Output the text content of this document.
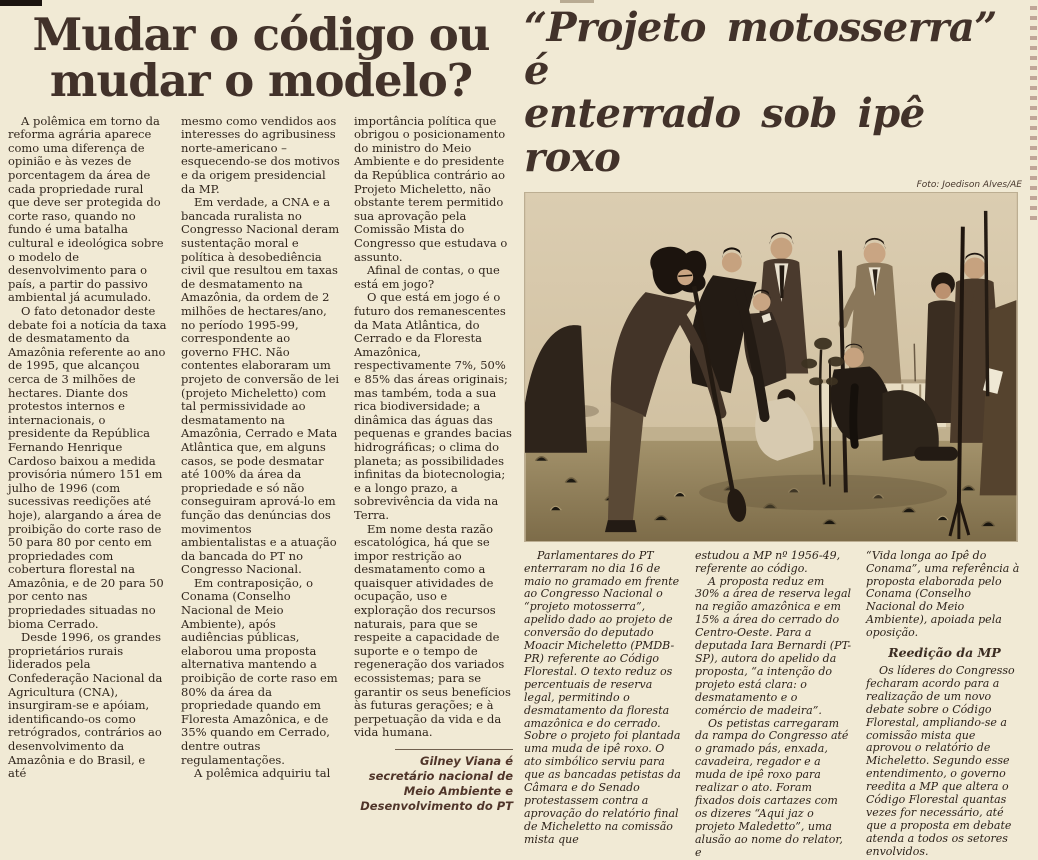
Mudar o código ou
mudar o modelo?

A polêmica em torno da reforma agrária aparece como uma diferença de opinião e às vezes de porcentagem da área de cada propriedade rural que deve ser protegida do corte raso, quando no fundo é uma batalha cultural e ideológica sobre o modelo de desenvolvimento para o país, a partir do passivo ambiental já acumulado.

O fato detonador deste debate foi a notícia da taxa de desmatamento da Amazônia referente ao ano de 1995, que alcançou cerca de 3 milhões de hectares. Diante dos protestos internos e internacionais, o presidente da República Fernando Henrique Cardoso baixou a medida provisória número 151 em julho de 1996 (com sucessivas reedições até hoje), alargando a área de proibição do corte raso de 50 para 80 por cento em propriedades com cobertura florestal na Amazônia, e de 20 para 50 por cento nas propriedades situadas no bioma Cerrado.

Desde 1996, os grandes proprietários rurais liderados pela Confederação Nacional da Agricultura (CNA), insurgiram-se e apóiam, identificando-os como retrógrados, contrários ao desenvolvimento da Amazônia e do Brasil, e até

mesmo como vendidos aos interesses do agribusiness norte-americano – esquecendo-se dos motivos e da origem presidencial da MP.

Em verdade, a CNA e a bancada ruralista no Congresso Nacional deram sustentação moral e política à desobediência civil que resultou em taxas de desmatamento na Amazônia, da ordem de 2 milhões de hectares/ano, no período 1995-99, correspondente ao governo FHC. Não contentes elaboraram um projeto de conversão de lei (projeto Micheletto) com tal permissividade ao desmatamento na Amazônia, Cerrado e Mata Atlântica que, em alguns casos, se pode desmatar até 100% da área da propriedade e só não conseguiram aprová-lo em função das denúncias dos movimentos ambientalistas e a atuação da bancada do PT no Congresso Nacional.

Em contraposição, o Conama (Conselho Nacional de Meio Ambiente), após audiências públicas, elaborou uma proposta alternativa mantendo a proibição de corte raso em 80% da área da propriedade quando em Floresta Amazônica, e de 35% quando em Cerrado, dentre outras regulamentações.

A polêmica adquiriu tal

importância política que obrigou o posicionamento do ministro do Meio Ambiente e do presidente da República contrário ao Projeto Micheletto, não obstante terem permitido sua aprovação pela Comissão Mista do Congresso que estudava o assunto.

Afinal de contas, o que está em jogo?

O que está em jogo é o futuro dos remanescentes da Mata Atlântica, do Cerrado e da Floresta Amazônica, respectivamente 7%, 50% e 85% das áreas originais; mas também, toda a sua rica biodiversidade; a dinâmica das águas das pequenas e grandes bacias hidrográficas; o clima do planeta; as possibilidades infinitas da biotecnologia; e a longo prazo, a sobrevivência da vida na Terra.

Em nome desta razão escatológica, há que se impor restrição ao desmatamento como a quaisquer atividades de ocupação, uso e exploração dos recursos naturais, para que se respeite a capacidade de suporte e o tempo de regeneração dos variados ecossistemas; para se garantir os seus benefícios às futuras gerações; e à perpetuação da vida e da vida humana.

Gilney Viana é secretário nacional de Meio Ambiente e Desenvolvimento do PT
“Projeto motosserra” é
enterrado sob ipê roxo
Foto: Joedison Alves/AE

Parlamentares do PT enterraram no dia 16 de maio no gramado em frente ao Congresso Nacional o “projeto motosserra”, apelido dado ao projeto de conversão do deputado Moacir Micheletto (PMDB-PR) referente ao Código Florestal. O texto reduz os percentuais de reserva legal, permitindo o desmatamento da floresta amazônica e do cerrado. Sobre o projeto foi plantada uma muda de ipê roxo. O ato simbólico serviu para que as bancadas petistas da Câmara e do Senado protestassem contra a aprovação do relatório final de Micheletto na comissão mista que

estudou a MP nº 1956-49, referente ao código.

A proposta reduz em 30% a área de reserva legal na região amazônica e em 15% a área do cerrado do Centro-Oeste. Para a deputada Iara Bernardi (PT-SP), autora do apelido da proposta, “a intenção do projeto está clara: o desmatamento e o comércio de madeira”.

Os petistas carregaram da rampa do Congresso até o gramado pás, enxada, cavadeira, regador e a muda de ipê roxo para realizar o ato. Foram fixados dois cartazes com os dizeres “Aqui jaz o projeto Maledetto”, uma alusão ao nome do relator, e

“Vida longa ao Ipê do Conama”, uma referência à proposta elaborada pelo Conama (Conselho Nacional do Meio Ambiente), apoiada pela oposição.

Reedição da MP

Os líderes do Congresso fecharam acordo para a realização de um novo debate sobre o Código Florestal, ampliando-se a comissão mista que aprovou o relatório de Micheletto. Segundo esse entendimento, o governo reedita a MP que altera o Código Florestal quantas vezes for necessário, até que a proposta em debate atenda a todos os setores envolvidos.
